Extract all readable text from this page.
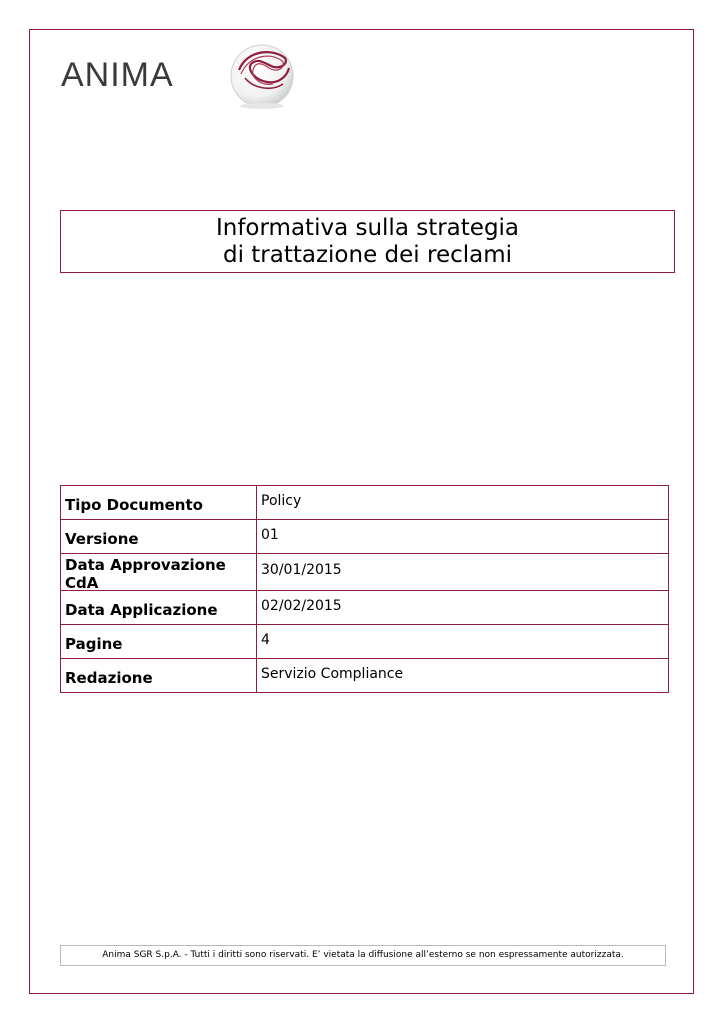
ANIMA
Informativa sulla strategia
di trattazione dei reclami
Tipo Documento	Policy
Versione	01
Data Approvazione CdA	30/01/2015
Data Applicazione	02/02/2015
Pagine	4
Redazione	Servizio Compliance
Anima SGR S.p.A. - Tutti i diritti sono riservati. E’ vietata la diffusione all’esterno se non espressamente autorizzata.
